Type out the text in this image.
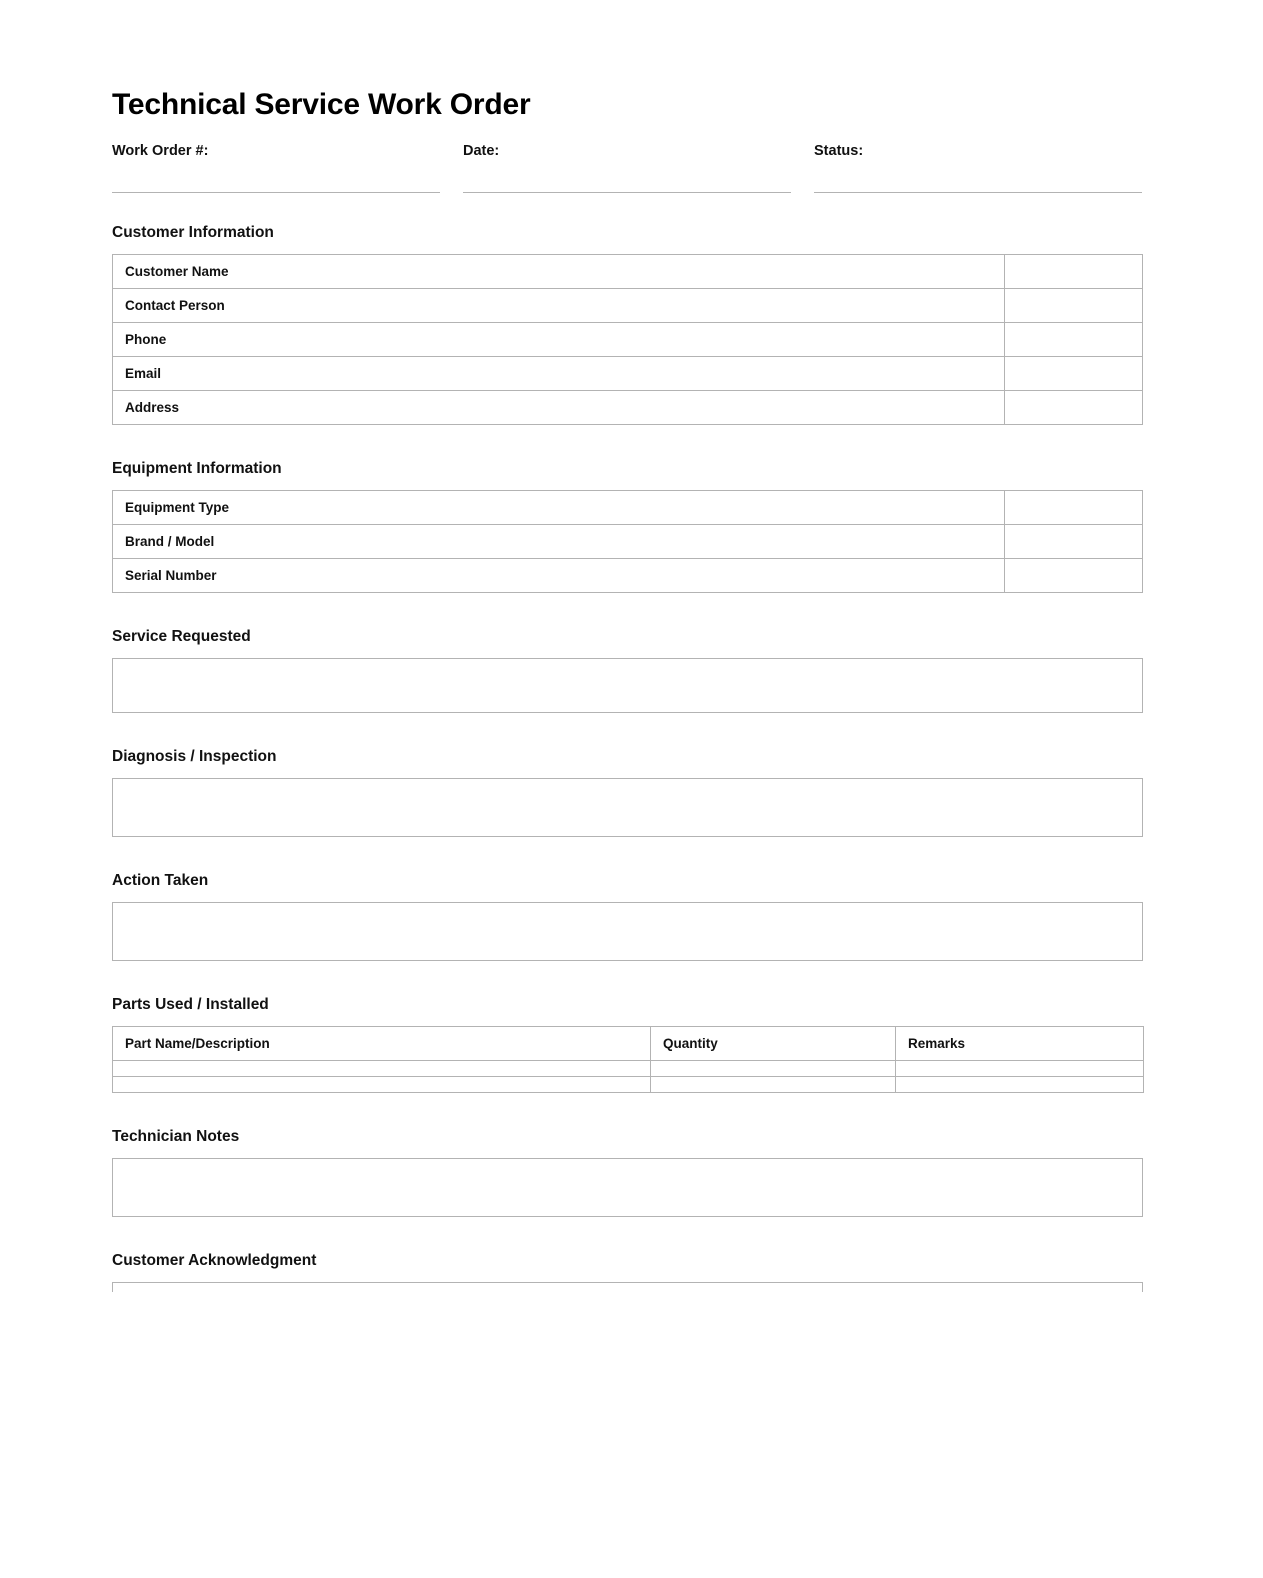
Technical Service Work Order
Work Order #:	Date:	Status:
Customer Information
Customer Name	
Contact Person	
Phone	
Email	
Address	
Equipment Information
Equipment Type	
Brand / Model	
Serial Number	
Service Requested
Diagnosis / Inspection
Action Taken
Parts Used / Installed
Part Name/Description	Quantity	Remarks

Technician Notes
Customer Acknowledgment
